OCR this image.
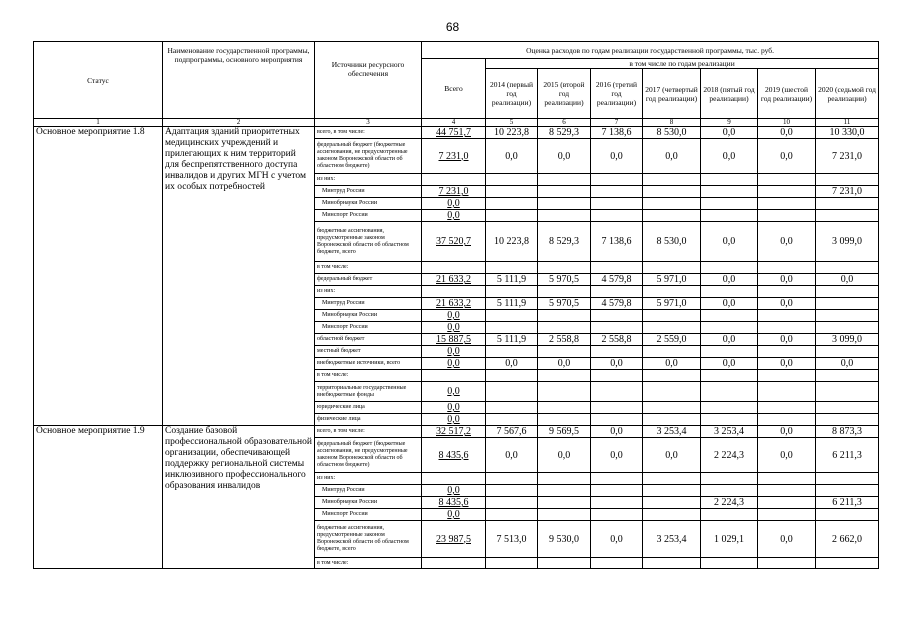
68
Статус	Наименование государственной программы, подпрограммы, основного мероприятия	Источники ресурсного обеспечения	Оценка расходов по годам реализации государственной программы, тыс. руб.							
			Всего	в том числе по годам реализации						
				2014 (первый год реализации)	2015 (второй год реализации)	2016 (третий год реализации)	2017 (четвертый год реализации)	2018 (пятый год реализации)	2019 (шестой год реализации)	2020 (седьмой год реализации)
1	2	3	4	5	6	7	8	9	10	11
Основное мероприятие 1.8	Адаптация зданий приоритетных медицинских учреждений и прилегающих к ним территорий для беспрепятственного доступа инвалидов и других МГН с учетом их особых потребностей	всего, в том числе:	44 751,7	10 223,8	8 529,3	7 138,6	8 530,0	0,0	0,0	10 330,0
		федеральный бюджет (бюджетные ассигнования, не предусмотренные законом Воронежской области об областном бюджете)	7 231,0	0,0	0,0	0,0	0,0	0,0	0,0	7 231,0
		из них:								
		Минтруд России	7 231,0							7 231,0
		Минобрнауки России	0,0							
		Минспорт России	0,0							
		бюджетные ассигнования, предусмотренные законом Воронежской области об областном бюджете, всего	37 520,7	10 223,8	8 529,3	7 138,6	8 530,0	0,0	0,0	3 099,0
		в том числе:								
		федеральный бюджет	21 633,2	5 111,9	5 970,5	4 579,8	5 971,0	0,0	0,0	0,0
		из них:								
		Минтруд России	21 633,2	5 111,9	5 970,5	4 579,8	5 971,0	0,0	0,0	
		Минобрнауки России	0,0							
		Минспорт России	0,0							
		областной бюджет	15 887,5	5 111,9	2 558,8	2 558,8	2 559,0	0,0	0,0	3 099,0
		местный бюджет	0,0							
		внебюджетные источники, всего	0,0	0,0	0,0	0,0	0,0	0,0	0,0	0,0
		в том числе:								
		территориальные государственные внебюджетные фонды	0,0							
		юридические лица	0,0							
		физические лица	0,0							
Основное мероприятие 1.9	Создание базовой профессиональной образовательной организации, обеспечивающей поддержку региональной системы инклюзивного профессионального образования инвалидов	всего, в том числе:	32 517,2	7 567,6	9 569,5	0,0	3 253,4	3 253,4	0,0	8 873,3
		федеральный бюджет (бюджетные ассигнования, не предусмотренные законом Воронежской области об областном бюджете)	8 435,6	0,0	0,0	0,0	0,0	2 224,3	0,0	6 211,3
		из них:								
		Минтруд России	0,0							
		Минобрнауки России	8 435,6					2 224,3		6 211,3
		Минспорт России	0,0							
		бюджетные ассигнования, предусмотренные законом Воронежской области об областном бюджете, всего	23 987,5	7 513,0	9 530,0	0,0	3 253,4	1 029,1	0,0	2 662,0
		в том числе:								
